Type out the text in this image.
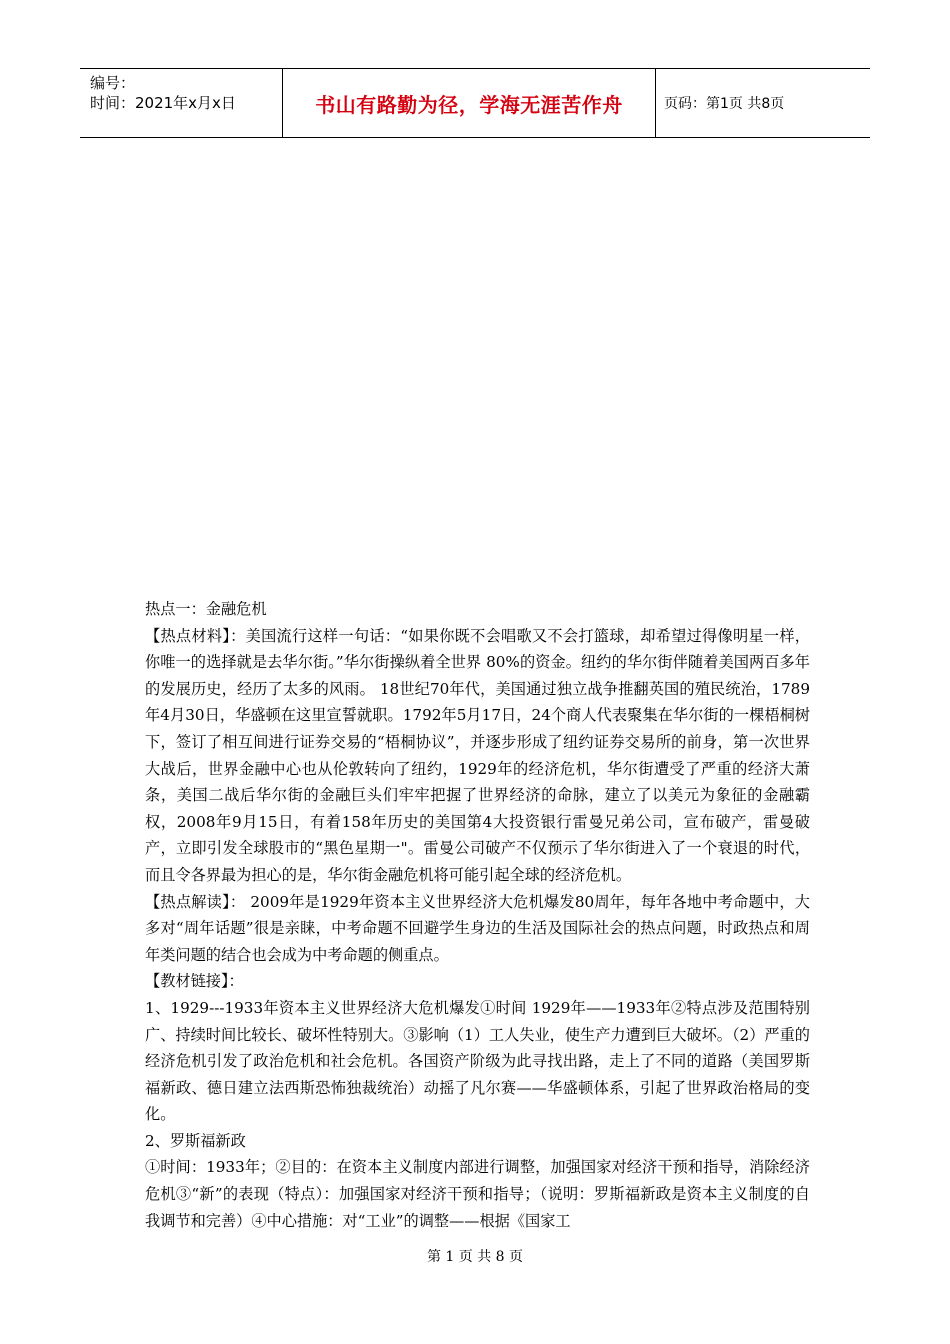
编号：
时间：2021年x月x日	书山有路勤为径，学海无涯苦作舟	页码：第1页 共8页

热点一：金融危机

【热点材料】：美国流行这样一句话：“如果你既不会唱歌又不会打篮球，却希望过得像明星一样，你唯一的选择就是去华尔街。”华尔街操纵着全世界 80%的资金。纽约的华尔街伴随着美国两百多年的发展历史，经历了太多的风雨。 18世纪70年代，美国通过独立战争推翻英国的殖民统治，1789年4月30日，华盛顿在这里宣誓就职。1792年5月17日，24个商人代表聚集在华尔街的一棵梧桐树下，签订了相互间进行证券交易的“梧桐协议”，并逐步形成了纽约证券交易所的前身，第一次世界大战后，世界金融中心也从伦敦转向了纽约，1929年的经济危机，华尔街遭受了严重的经济大萧条，美国二战后华尔街的金融巨头们牢牢把握了世界经济的命脉，建立了以美元为象征的金融霸权，2008年9月15日，有着158年历史的美国第4大投资银行雷曼兄弟公司，宣布破产，雷曼破产，立即引发全球股市的“黑色星期一"。雷曼公司破产不仅预示了华尔街进入了一个衰退的时代，而且令各界最为担心的是，华尔街金融危机将可能引起全球的经济危机。

【热点解读】： 2009年是1929年资本主义世界经济大危机爆发80周年，每年各地中考命题中，大多对“周年话题”很是亲睐，中考命题不回避学生身边的生活及国际社会的热点问题，时政热点和周年类问题的结合也会成为中考命题的侧重点。

【教材链接】：

1、1929---1933年资本主义世界经济大危机爆发①时间 1929年——1933年②特点涉及范围特别广、持续时间比较长、破坏性特别大。③影响（1）工人失业，使生产力遭到巨大破坏。（2）严重的经济危机引发了政治危机和社会危机。各国资产阶级为此寻找出路，走上了不同的道路（美国罗斯福新政、德日建立法西斯恐怖独裁统治）动摇了凡尔赛——华盛顿体系，引起了世界政治格局的变化。

2、罗斯福新政

①时间：1933年；②目的：在资本主义制度内部进行调整，加强国家对经济干预和指导，消除经济危机③“新”的表现（特点）：加强国家对经济干预和指导；（说明：罗斯福新政是资本主义制度的自我调节和完善）④中心措施：对“工业”的调整——根据《国家工

第 1 页 共 8 页
